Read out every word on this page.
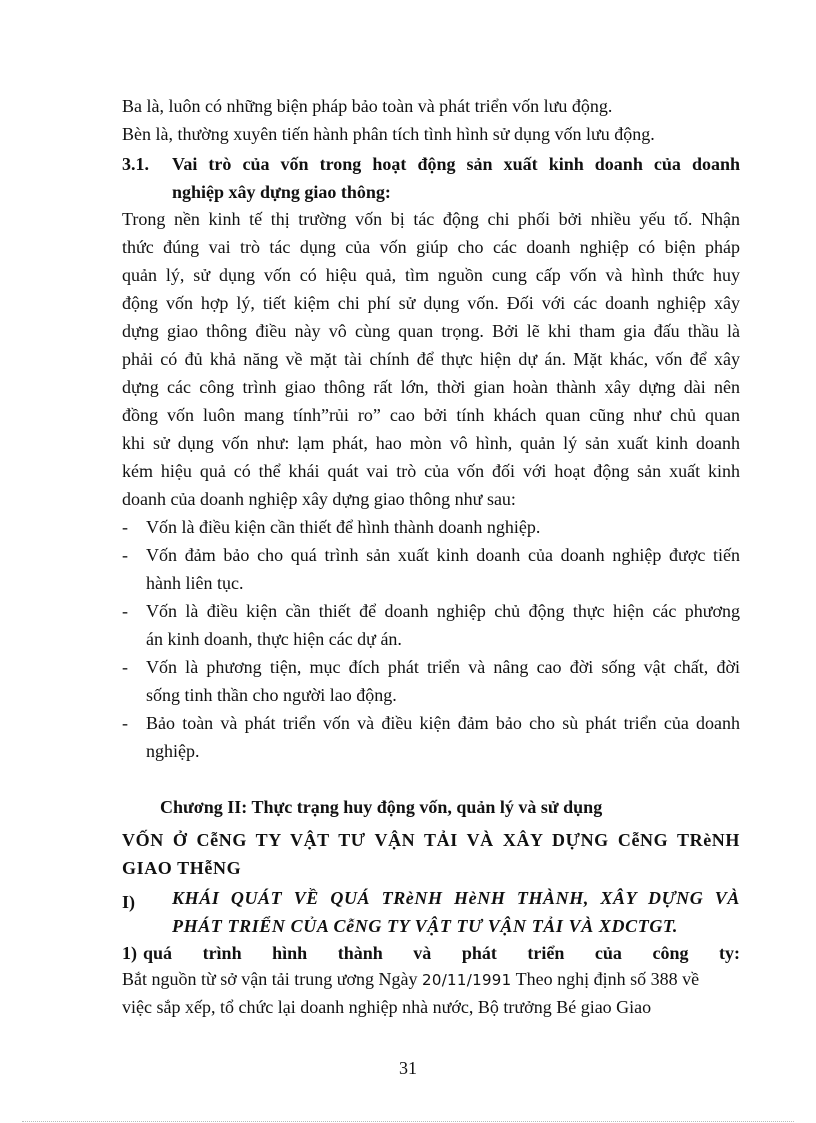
Ba là, luôn có những biện pháp bảo toàn và phát triển vốn lưu động.
Bèn là, thường xuyên tiến hành phân tích tình hình sử dụng vốn lưu động.
3.1. Vai trò của vốn trong hoạt động sản xuất kinh doanh của doanh
nghiệp xây dựng giao thông:
Trong nền kinh tế thị trường vốn bị tác động chi phối bởi nhiều yếu tố. Nhận
thức đúng vai trò tác dụng của vốn giúp cho các doanh nghiệp có biện pháp
quản lý, sử dụng vốn có hiệu quả, tìm nguồn cung cấp vốn và hình thức huy
động vốn hợp lý, tiết kiệm chi phí sử dụng vốn. Đối với các doanh nghiệp xây
dựng giao thông điều này vô cùng quan trọng. Bởi lẽ khi tham gia đấu thầu là
phải có đủ khả năng về mặt tài chính để thực hiện dự án. Mặt khác, vốn để xây
dựng các công trình giao thông rất lớn, thời gian hoàn thành xây dựng dài nên
đồng vốn luôn mang tính”rủi ro” cao bởi tính khách quan cũng như chủ quan
khi sử dụng vốn như: lạm phát, hao mòn vô hình, quản lý sản xuất kinh doanh
kém hiệu quả có thể khái quát vai trò của vốn đối với hoạt động sản xuất kinh
doanh của doanh nghiệp xây dựng giao thông như sau:
- Vốn là điều kiện cần thiết để hình thành doanh nghiệp.
- Vốn đảm bảo cho quá trình sản xuất kinh doanh của doanh nghiệp được tiến
hành liên tục.
- Vốn là điều kiện cần thiết để doanh nghiệp chủ động thực hiện các phương
án kinh doanh, thực hiện các dự án.
- Vốn là phương tiện, mục đích phát triển và nâng cao đời sống vật chất, đời
sống tinh thần cho người lao động.
- Bảo toàn và phát triển vốn và điều kiện đảm bảo cho sù phát triển của doanh
nghiệp.
Chương II: Thực trạng huy động vốn, quản lý và sử dụng
VỐN Ở CễNG TY VẬT TƯ VẬN TẢI VÀ XÂY DỰNG CễNG TRèNH
GIAO THễNG
I) KHÁI QUÁT VỀ QUÁ TRèNH HèNH THÀNH, XÂY DỰNG VÀ
PHÁT TRIỂN CỦA CễNG TY VẬT TƯ VẬN TẢI VÀ XDCTGT.
1) quá trình hình thành và phát triển của công ty:
Bắt nguồn từ sở vận tải trung ương Ngày 20/11/1991 Theo nghị định số 388 về
việc sắp xếp, tổ chức lại doanh nghiệp nhà nước, Bộ trưởng Bé giao Giao
31
